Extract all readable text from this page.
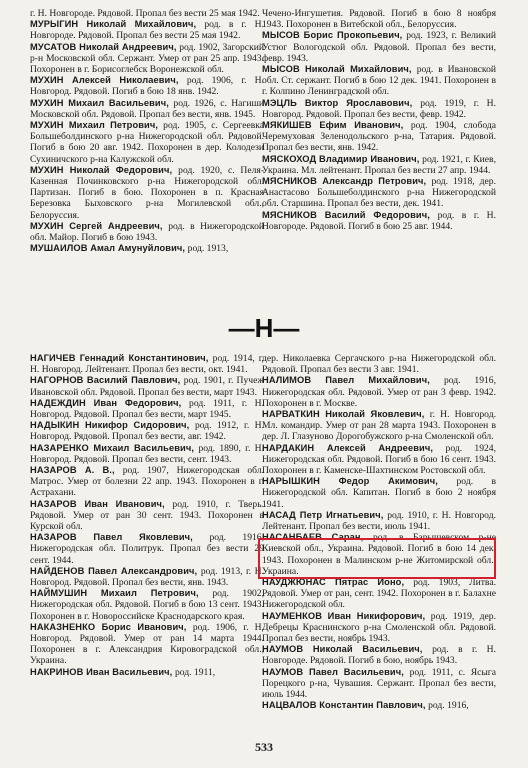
г. Н. Новгороде. Рядовой. Пропал без вести 25 мая 1942.

МУРЫГИН Николай Михайлович, род. в г. Н. Новгороде. Рядовой. Пропал без вести 25 мая 1942.

МУСАТОВ Николай Андреевич, род. 1902, Загорский р-н Московской обл. Сержант. Умер от ран 25 апр. 1943. Похоронен в г. Борисоглебск Воронежской обл.

МУХИН Алексей Николаевич, род. 1906, г. Н. Новгород. Рядовой. Погиб в бою 18 янв. 1942.

МУХИН Михаил Васильевич, род. 1926, с. Нагиши Московской обл. Рядовой. Пропал без вести, янв. 1945.

МУХИН Михаил Петрович, род. 1905, с. Сергеевка Большеболдинского р-на Нижегородской обл. Рядовой. Погиб в бою 20 авг. 1942. Похоронен в дер. Колодези Сухиничского р-на Калужской обл.

МУХИН Николай Федорович, род. 1920, с. Пеля-Казенная Починковского р-на Нижегородской обл. Партизан. Погиб в бою. Похоронен в п. Красная Березовка Быховского р-на Могилевской обл., Белоруссия.

МУХИН Сергей Андреевич, род. в Нижегородской обл. Майор. Погиб в бою 1943.

МУШАИЛОВ Амал Амунуйлович, род. 1913,

Чечено-Ингушетия. Рядовой. Погиб в бою 8 ноября 1943. Похоронен в Витебской обл., Белоруссия.

МЫСОВ Борис Прокопьевич, род. 1923, г. Великий Устюг Вологодской обл. Рядовой. Пропал без вести, февр. 1943.

МЫСОВ Николай Михайлович, род. в Ивановской обл. Ст. сержант. Погиб в бою 12 дек. 1941. Похоронен в г. Колпино Ленинградской обл.

МЭЦЛЬ Виктор Ярославович, род. 1919, г. Н. Новгород. Рядовой. Пропал без вести, февр. 1942.

МЯКИШЕВ Ефим Иванович, род. 1904, слобода Черемуховая Зеленодольского р-на, Татария. Рядовой. Пропал без вести, янв. 1942.

МЯСКОХОД Владимир Иванович, род. 1921, г. Киев, Украина. Мл. лейтенант. Пропал без вести 27 апр. 1944.

МЯСНИКОВ Александр Петрович, род. 1918, дер. Анастасово Большеболдинского р-на Нижегородской обл. Старшина. Пропал без вести, дек. 1941.

МЯСНИКОВ Василий Федорович, род. в г. Н. Новгороде. Рядовой. Погиб в бою 25 авг. 1944.

—Н—

НАГИЧЕВ Геннадий Константинович, род. 1914, г. Н. Новгород. Лейтенант. Пропал без вести, окт. 1941.

НАГОРНОВ Василий Павлович, род. 1901, г. Пучеж Ивановской обл. Рядовой. Пропал без вести, март 1943.

НАДЕЖДИН Иван Федорович, род. 1911, г. Н. Новгород. Рядовой. Пропал без вести, март 1945.

НАДЫКИН Никифор Сидорович, род. 1912, г. Н. Новгород. Рядовой. Пропал без вести, авг. 1942.

НАЗАРЕНКО Михаил Васильевич, род. 1890, г. Н. Новгород. Рядовой. Пропал без вести, сент. 1943.

НАЗАРОВ А. В., род. 1907, Нижегородская обл. Матрос. Умер от болезни 22 апр. 1943. Похоронен в г. Астрахани.

НАЗАРОВ Иван Иванович, род. 1910, г. Тверь. Рядовой. Умер от ран 30 сент. 1943. Похоронен в Курской обл.

НАЗАРОВ Павел Яковлевич, род. 1916, Нижегородская обл. Политрук. Пропал без вести 29 сент. 1944.

НАЙДЕНОВ Павел Александрович, род. 1913, г. Н. Новгород. Рядовой. Пропал без вести, янв. 1943.

НАЙМУШИН Михаил Петрович, род. 1902, Нижегородская обл. Рядовой. Погиб в бою 13 сент. 1943. Похоронен в г. Новороссийске Краснодарского края.

НАКАЗНЕНКО Борис Иванович, род. 1906, г. Н. Новгород. Рядовой. Умер от ран 14 марта 1944. Похоронен в г. Александрия Кировоградской обл., Украина.

НАКРИНОВ Иван Васильевич, род. 1911,

дер. Николаевка Сергачского р-на Нижегородской обл. Рядовой. Пропал без вести 3 авг. 1941.

НАЛИМОВ Павел Михайлович, род. 1916, Нижегородская обл. Рядовой. Умер от ран 3 февр. 1942. Похоронен в г. Москве.

НАРВАТКИН Николай Яковлевич, г. Н. Новгород. Мл. командир. Умер от ран 28 марта 1943. Похоронен в дер. Л. Глазуново Дорогобужского р-на Смоленской обл.

НАРДАКИН Алексей Андреевич, род. 1924, Нижегородская обл. Рядовой. Погиб в бою 16 сент. 1943. Похоронен в г. Каменске-Шахтинском Ростовской обл.

НАРЫШКИН Федор Акимович, род. в Нижегородской обл. Капитан. Погиб в бою 2 ноября 1941.

НАСАД Петр Игнатьевич, род. 1910, г. Н. Новгород. Лейтенант. Пропал без вести, июль 1941.

НАСАНБАЕВ Саран, род. в Барышевском р-не Киевской обл., Украина. Рядовой. Погиб в бою 14 дек. 1943. Похоронен в Малинском р-не Житомирской обл., Украина.

НАУДЖЮНАС Пятрас Ионо, род. 1903, Литва. Рядовой. Умер от ран, сент. 1942. Похоронен в г. Балахне Нижегородской обл.

НАУМЕНКОВ Иван Никифорович, род. 1919, дер. Дебрецы Краснинского р-на Смоленской обл. Рядовой. Пропал без вести, ноябрь 1943.

НАУМОВ Николай Васильевич, род. в г. Н. Новгороде. Рядовой. Погиб в бою, ноябрь 1943.

НАУМОВ Павел Васильевич, род. 1911, с. Ясыга Порецкого р-на, Чувашия. Сержант. Пропал без вести, июль 1944.

НАЦВАЛОВ Константин Павлович, род. 1916,

533
